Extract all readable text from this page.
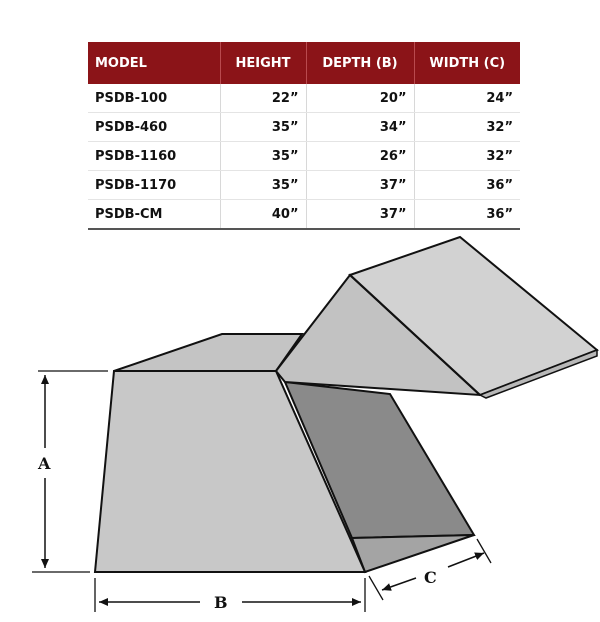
MODEL	HEIGHT	DEPTH (B)	WIDTH (C)
PSDB-100	22”	20”	24”
PSDB-460	35”	34”	32”
PSDB-1160	35”	26”	32”
PSDB-1170	35”	37”	36”
PSDB-CM	40”	37”	36”
A
B
C
